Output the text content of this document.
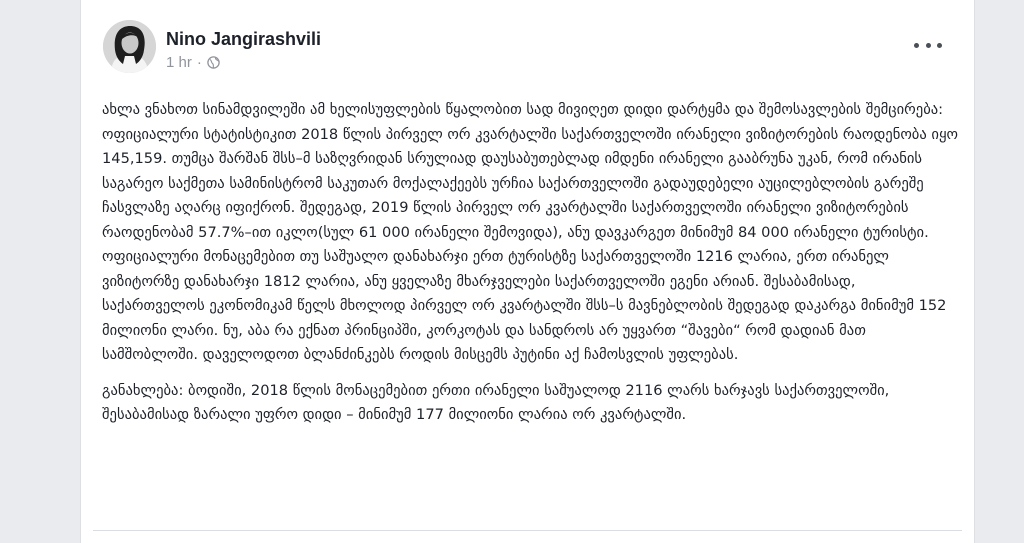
Nino Jangirashvili
1 hr ·

ახლა ვნახოთ სინამდვილეში ამ ხელისუფლების წყალობით სად მივიღეთ დიდი დარტყმა და შემოსავლების შემცირება: ოფიციალური სტატისტიკით 2018 წლის პირველ ორ კვარტალში საქართველოში ირანელი ვიზიტორების რაოდენობა იყო 145,159. თუმცა შარშან შსს–მ საზღვრიდან სრულიად დაუსაბუთებლად იმდენი ირანელი გააბრუნა უკან, რომ ირანის საგარეო საქმეთა სამინისტრომ საკუთარ მოქალაქეებს ურჩია საქართველოში გადაუდებელი აუცილებლობის გარეშე ჩასვლაზე აღარც იფიქრონ. შედეგად, 2019 წლის პირველ ორ კვარტალში საქართველოში ირანელი ვიზიტორების რაოდენობამ 57.7%–ით იკლო(სულ 61 000 ირანელი შემოვიდა), ანუ დავკარგეთ მინიმუმ 84 000 ირანელი ტურისტი. ოფიციალური მონაცემებით თუ საშუალო დანახარჯი ერთ ტურისტზე საქართველოში 1216 ლარია, ერთ ირანელ ვიზიტორზე დანახარჯი 1812 ლარია, ანუ ყველაზე მხარჯველები საქართველოში ეგენი არიან. შესაბამისად, საქართველოს ეკონომიკამ წელს მხოლოდ პირველ ორ კვარტალში შსს–ს მავნებლობის შედეგად დაკარგა მინიმუმ 152 მილიონი ლარი. ნუ, აბა რა ექნათ პრინციპში, კორკოტას და სანდროს არ უყვართ “შავები“ რომ დადიან მათ სამშობლოში. დაველოდოთ ბლანძინკებს როდის მისცემს პუტინი აქ ჩამოსვლის უფლებას.

განახლება: ბოდიში, 2018 წლის მონაცემებით ერთი ირანელი საშუალოდ 2116 ლარს ხარჯავს საქართველოში, შესაბამისად ზარალი უფრო დიდი – მინიმუმ 177 მილიონი ლარია ორ კვარტალში.
